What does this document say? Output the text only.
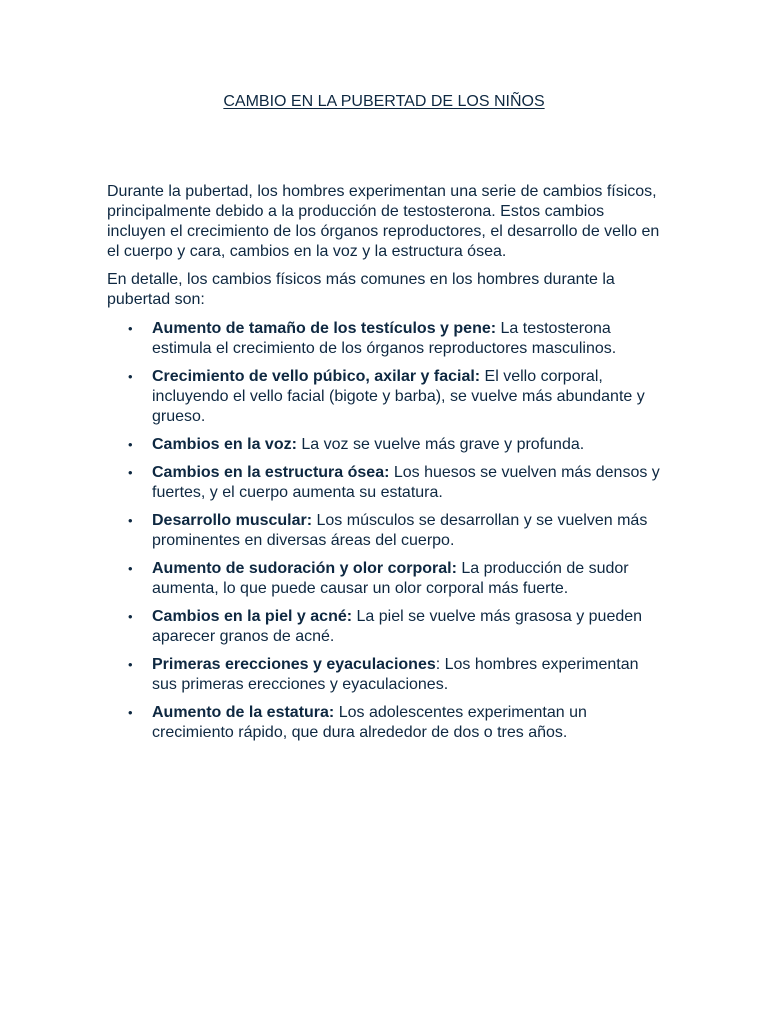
CAMBIO EN LA PUBERTAD DE LOS NIÑOS

Durante la pubertad, los hombres experimentan una serie de cambios físicos, principalmente debido a la producción de testosterona. Estos cambios incluyen el crecimiento de los órganos reproductores, el desarrollo de vello en el cuerpo y cara, cambios en la voz y la estructura ósea.

En detalle, los cambios físicos más comunes en los hombres durante la pubertad son:

• Aumento de tamaño de los testículos y pene: La testosterona estimula el crecimiento de los órganos reproductores masculinos.
• Crecimiento de vello púbico, axilar y facial: El vello corporal, incluyendo el vello facial (bigote y barba), se vuelve más abundante y grueso.
• Cambios en la voz: La voz se vuelve más grave y profunda.
• Cambios en la estructura ósea: Los huesos se vuelven más densos y fuertes, y el cuerpo aumenta su estatura.
• Desarrollo muscular: Los músculos se desarrollan y se vuelven más prominentes en diversas áreas del cuerpo.
• Aumento de sudoración y olor corporal: La producción de sudor aumenta, lo que puede causar un olor corporal más fuerte.
• Cambios en la piel y acné: La piel se vuelve más grasosa y pueden aparecer granos de acné.
• Primeras erecciones y eyaculaciones: Los hombres experimentan sus primeras erecciones y eyaculaciones.
• Aumento de la estatura: Los adolescentes experimentan un crecimiento rápido, que dura alrededor de dos o tres años.
